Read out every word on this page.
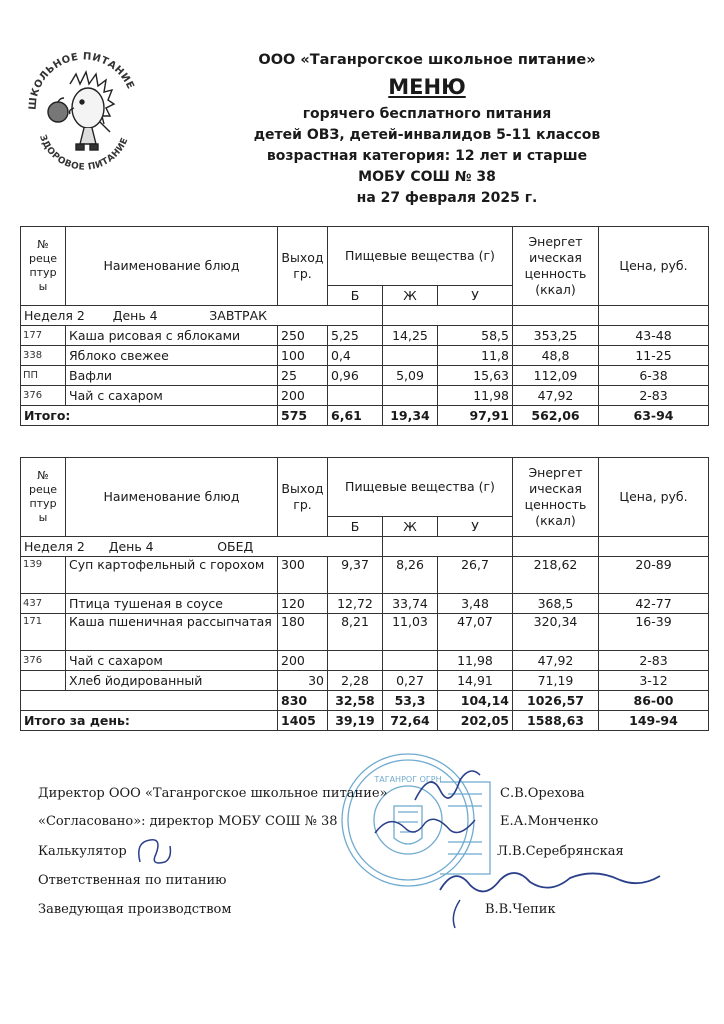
ШКОЛЬНОЕ ПИТАНИЕ
ЗДОРОВОЕ ПИТАНИЕ
ООО «Таганрогское школьное питание»
МЕНЮ
горячего бесплатного питания
детей ОВЗ, детей-инвалидов 5-11 классов
возрастная категория: 12 лет и старше
МОБУ СОШ № 38
на 27 февраля 2025 г.
№ реце птур ы	Наименование блюд	Выход гр.	Пищевые вещества (г)			Энергет ическая ценность (ккал)	Цена, руб.
			Б	Ж	У		
Неделя 2 День 4 ЗАВТРАК							
177	Каша рисовая с яблоками	250	5,25	14,25	58,5	353,25	43-48
338	Яблоко свежее	100	0,4		11,8	48,8	11-25
ПП	Вафли	25	0,96	5,09	15,63	112,09	6-38
376	Чай с сахаром	200			11,98	47,92	2-83
Итого:		575	6,61	19,34	97,91	562,06	63-94
№ реце птур ы	Наименование блюд	Выход гр.	Пищевые вещества (г)			Энергет ическая ценность (ккал)	Цена, руб.
			Б	Ж	У		
Неделя 2 День 4 ОБЕД							
139	Суп картофельный с горохом	300	9,37	8,26	26,7	218,62	20-89
437	Птица тушеная в соусе	120	12,72	33,74	3,48	368,5	42-77
171	Каша пшеничная рассыпчатая	180	8,21	11,03	47,07	320,34	16-39
376	Чай с сахаром	200			11,98	47,92	2-83
	Хлеб йодированный	30	2,28	0,27	14,91	71,19	3-12
		830	32,58	53,3	104,14	1026,57	86-00
Итого за день:		1405	39,19	72,64	202,05	1588,63	149-94
ТАГАНРОГ ОГРН
Директор ООО «Таганрогское школьное питание»	С.В.Орехова
«Согласовано»: директор МОБУ СОШ № 38	Е.А.Монченко
Калькулятор	Л.В.Серебрянская
Ответственная по питанию
Заведующая производством	В.В.Чепик
